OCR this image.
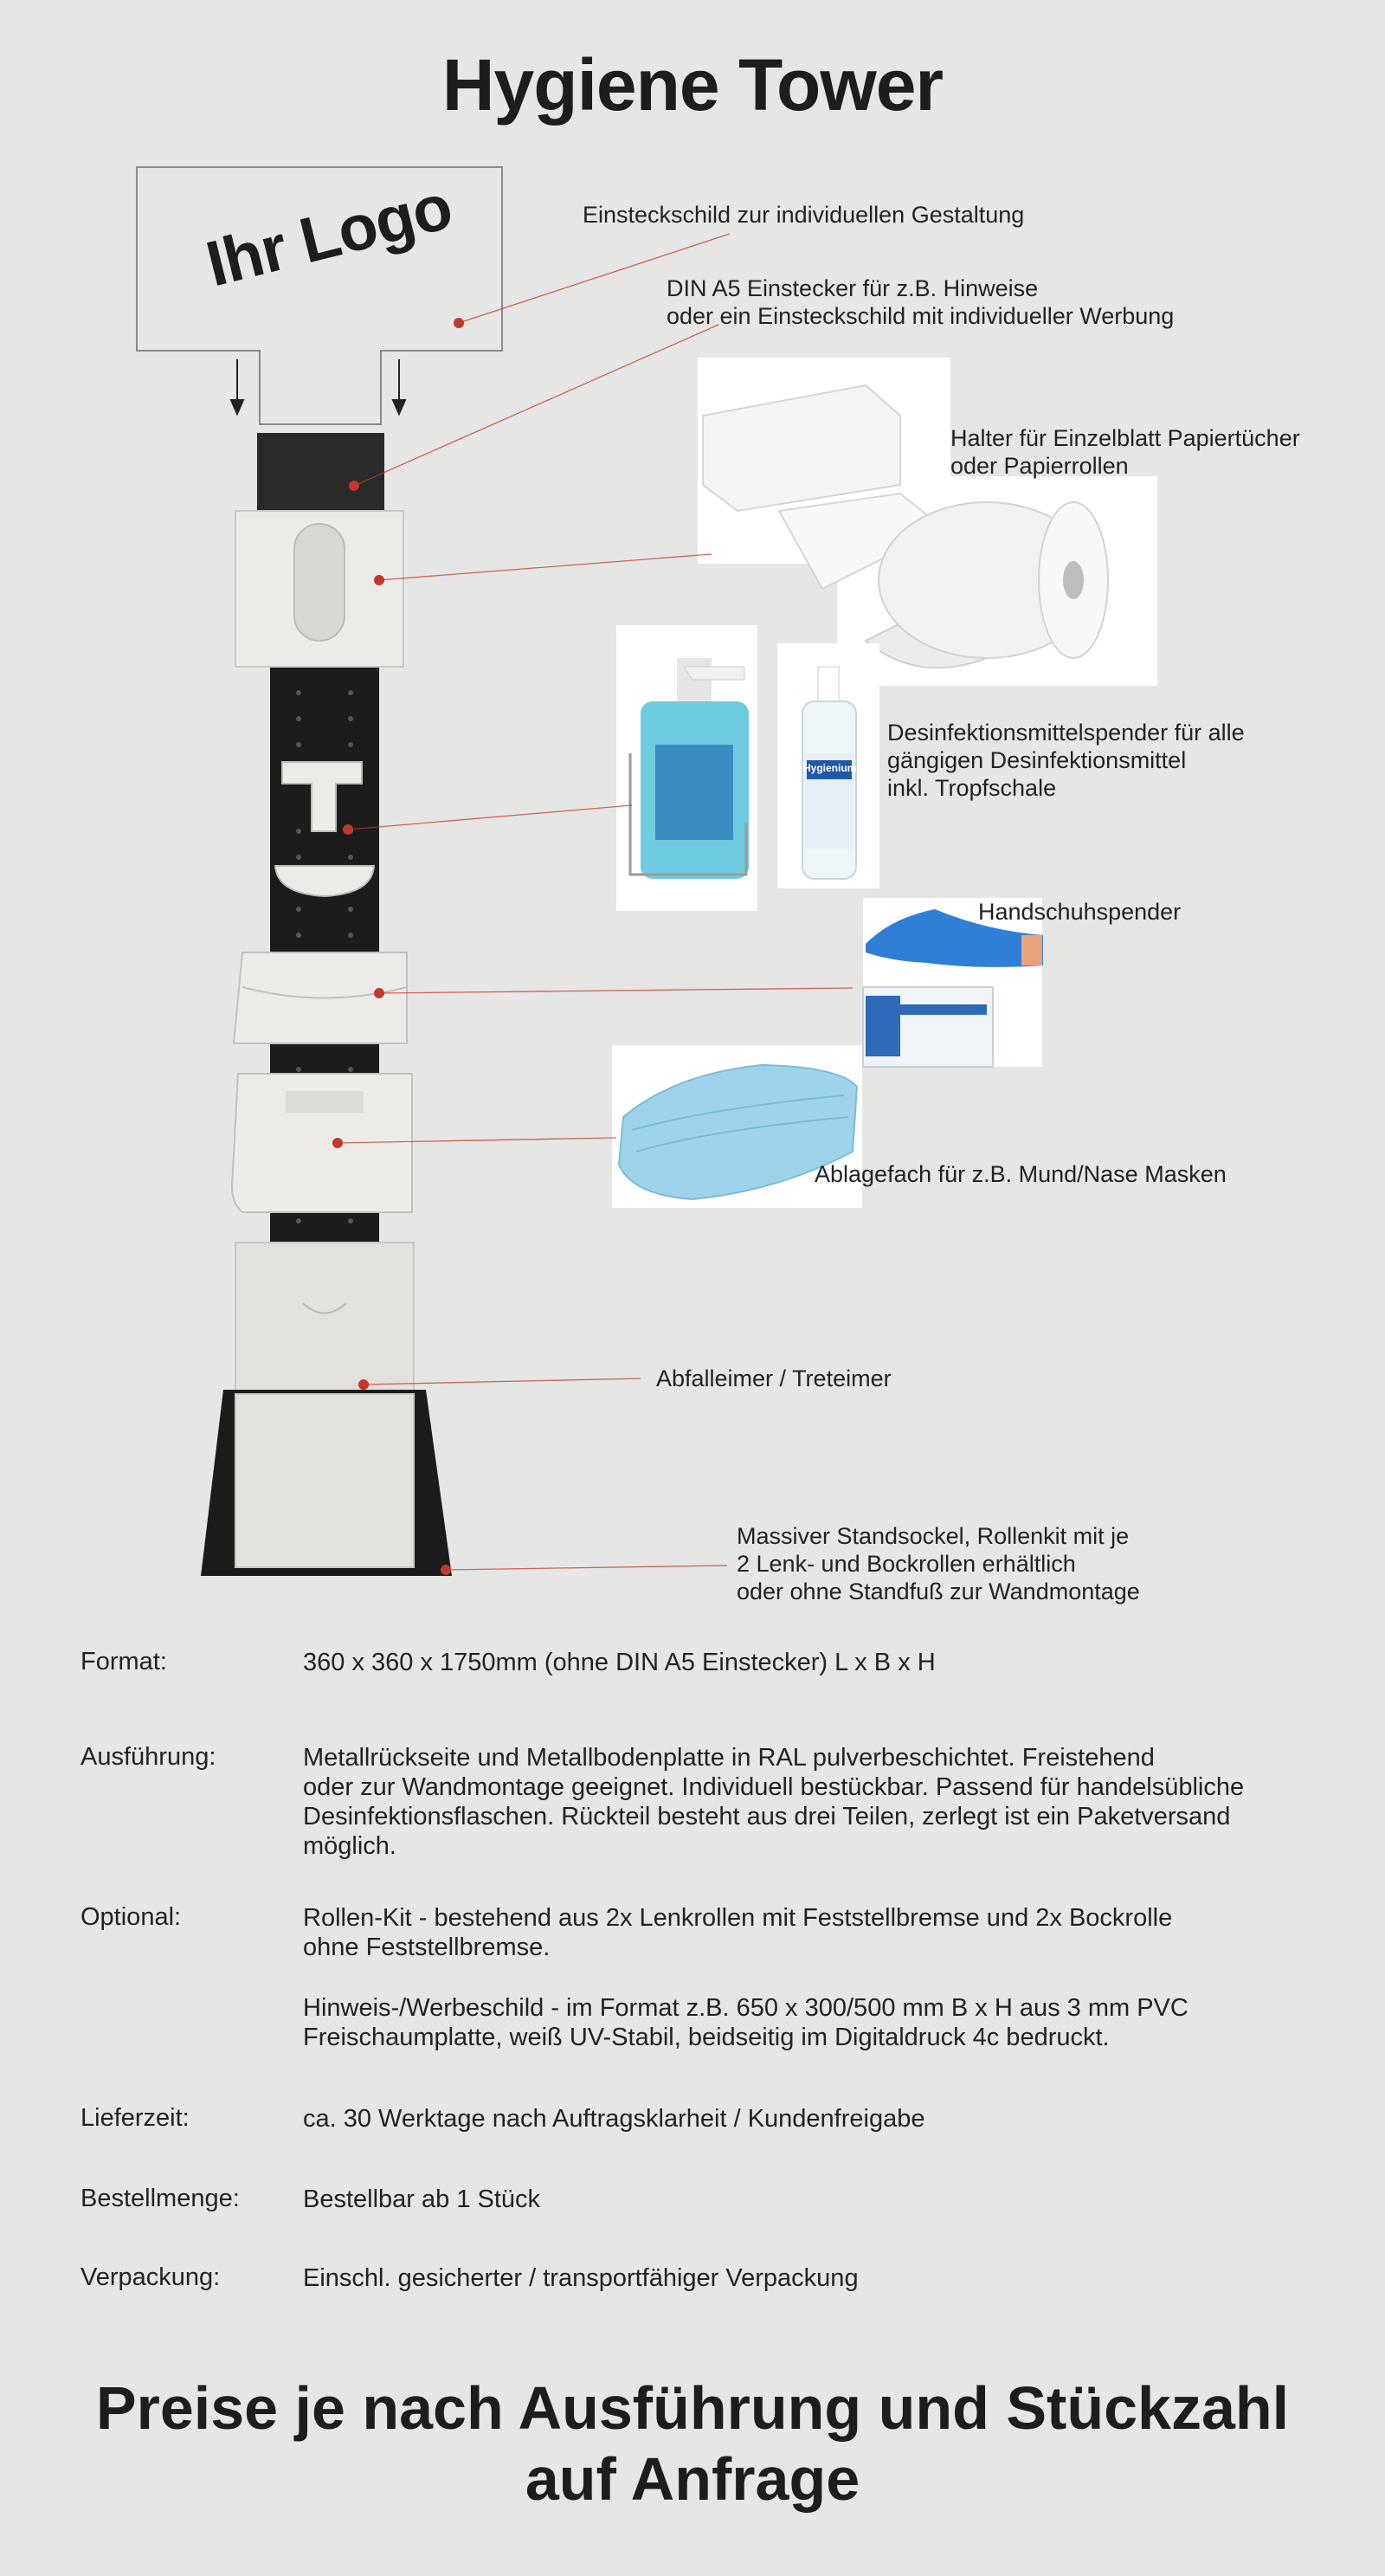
Hygiene Tower
Ihr Logo
Hygienium
Einsteckschild zur individuellen Gestaltung
DIN A5 Einstecker für z.B. Hinweise
oder ein Einsteckschild mit individueller Werbung
Halter für Einzelblatt Papiertücher
oder Papierrollen
Desinfektionsmittelspender für alle
gängigen Desinfektionsmittel
inkl. Tropfschale
Handschuhspender
Ablagefach für z.B. Mund/Nase Masken
Abfalleimer / Treteimer
Massiver Standsockel, Rollenkit mit je
2 Lenk- und Bockrollen erhältlich
oder ohne Standfuß zur Wandmontage
Format:	360 x 360 x 1750mm (ohne DIN A5 Einstecker) L x B x H
Ausführung:	Metallrückseite und Metallbodenplatte in RAL pulverbeschichtet. Freistehend
oder zur Wandmontage geeignet. Individuell bestückbar. Passend für handelsübliche
Desinfektionsflaschen. Rückteil besteht aus drei Teilen, zerlegt ist ein Paketversand
möglich.
Optional:	Rollen-Kit - bestehend aus 2x Lenkrollen mit Feststellbremse und 2x Bockrolle
ohne Feststellbremse.
Hinweis-/Werbeschild - im Format z.B. 650 x 300/500 mm B x H aus 3 mm PVC
Freischaumplatte, weiß UV-Stabil, beidseitig im Digitaldruck 4c bedruckt.
Lieferzeit:	ca. 30 Werktage nach Auftragsklarheit / Kundenfreigabe
Bestellmenge:	Bestellbar ab 1 Stück
Verpackung:	Einschl. gesicherter / transportfähiger Verpackung
Preise je nach Ausführung und Stückzahl
auf Anfrage
